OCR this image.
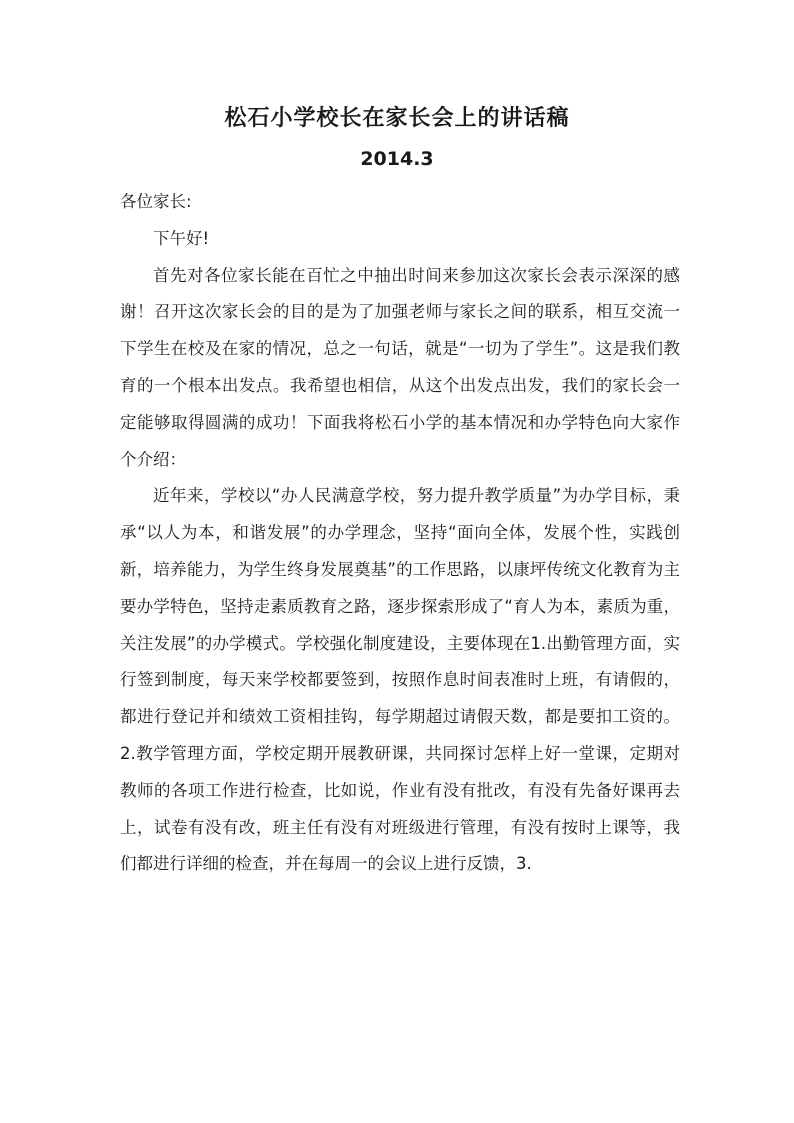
松石小学校长在家长会上的讲话稿
2014.3

各位家长:

下午好!

首先对各位家长能在百忙之中抽出时间来参加这次家长会表示深深的感谢！召开这次家长会的目的是为了加强老师与家长之间的联系，相互交流一下学生在校及在家的情况，总之一句话，就是“一切为了学生”。这是我们教育的一个根本出发点。我希望也相信，从这个出发点出发，我们的家长会一定能够取得圆满的成功！下面我将松石小学的基本情况和办学特色向大家作个介绍：

近年来，学校以“办人民满意学校，努力提升教学质量”为办学目标，秉承“以人为本，和谐发展”的办学理念，坚持“面向全体，发展个性，实践创新，培养能力，为学生终身发展奠基”的工作思路，以康坪传统文化教育为主要办学特色，坚持走素质教育之路，逐步探索形成了“育人为本，素质为重，关注发展”的办学模式。学校强化制度建设，主要体现在1.出勤管理方面，实行签到制度，每天来学校都要签到，按照作息时间表准时上班，有请假的，都进行登记并和绩效工资相挂钩，每学期超过请假天数，都是要扣工资的。2.教学管理方面，学校定期开展教研课，共同探讨怎样上好一堂课，定期对教师的各项工作进行检查，比如说，作业有没有批改，有没有先备好课再去上，试卷有没有改，班主任有没有对班级进行管理，有没有按时上课等，我们都进行详细的检查，并在每周一的会议上进行反馈，3.
